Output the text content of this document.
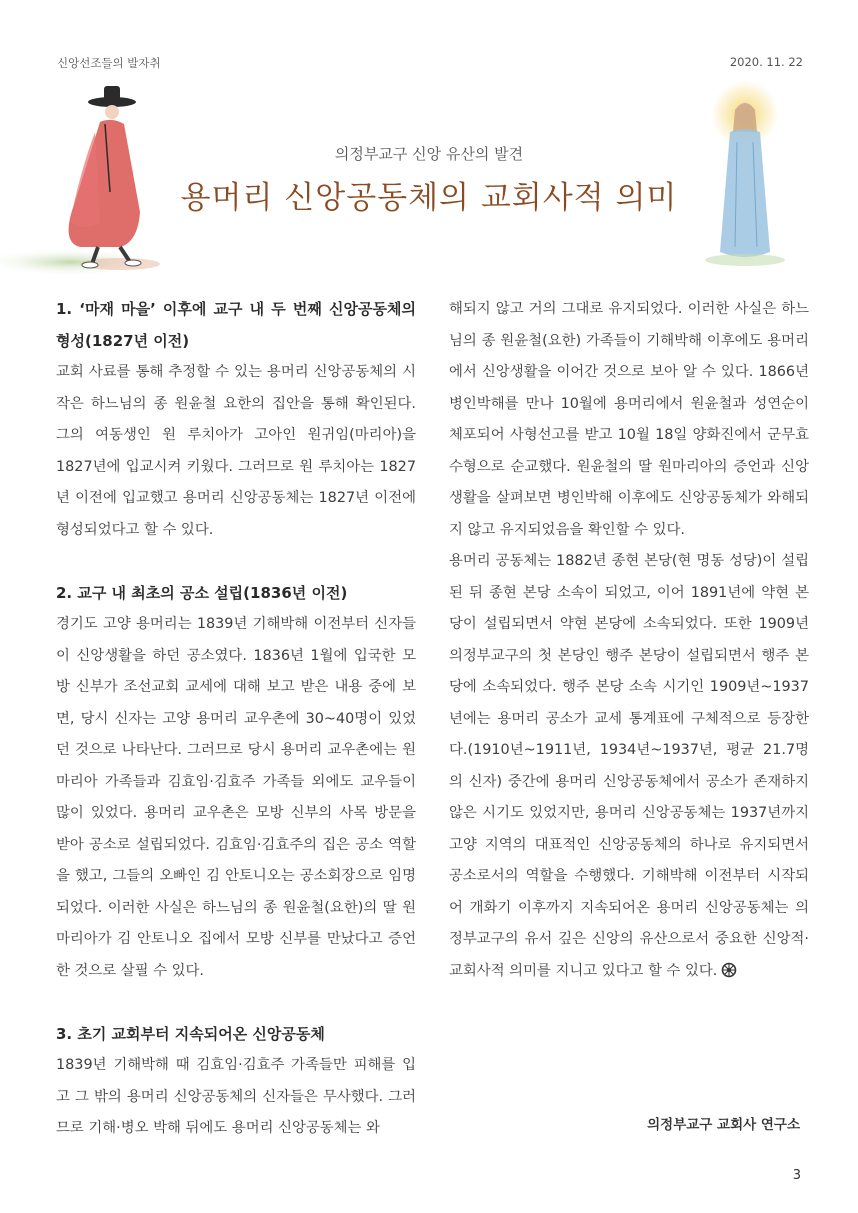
신앙선조들의 발자취	2020. 11. 22
의정부교구 신앙 유산의 발견
용머리 신앙공동체의 교회사적 의미

1. ‘마재 마을’ 이후에 교구 내 두 번째 신앙공동체의 형성(1827년 이전)

교회 사료를 통해 추정할 수 있는 용머리 신앙공동체의 시작은 하느님의 종 원윤철 요한의 집안을 통해 확인된다. 그의 여동생인 원 루치아가 고아인 원귀임(마리아)을 1827년에 입교시켜 키웠다. 그러므로 원 루치아는 1827년 이전에 입교했고 용머리 신앙공동체는 1827년 이전에 형성되었다고 할 수 있다.

2. 교구 내 최초의 공소 설립(1836년 이전)

경기도 고양 용머리는 1839년 기해박해 이전부터 신자들이 신앙생활을 하던 공소였다. 1836년 1월에 입국한 모방 신부가 조선교회 교세에 대해 보고 받은 내용 중에 보면, 당시 신자는 고양 용머리 교우촌에 30~40명이 있었던 것으로 나타난다. 그러므로 당시 용머리 교우촌에는 원 마리아 가족들과 김효임·김효주 가족들 외에도 교우들이 많이 있었다. 용머리 교우촌은 모방 신부의 사목 방문을 받아 공소로 설립되었다. 김효임·김효주의 집은 공소 역할을 했고, 그들의 오빠인 김 안토니오는 공소회장으로 임명되었다. 이러한 사실은 하느님의 종 원윤철(요한)의 딸 원 마리아가 김 안토니오 집에서 모방 신부를 만났다고 증언한 것으로 살필 수 있다.

3. 초기 교회부터 지속되어온 신앙공동체

1839년 기해박해 때 김효임·김효주 가족들만 피해를 입고 그 밖의 용머리 신앙공동체의 신자들은 무사했다. 그러므로 기해·병오 박해 뒤에도 용머리 신앙공동체는 와

해되지 않고 거의 그대로 유지되었다. 이러한 사실은 하느님의 종 원윤철(요한) 가족들이 기해박해 이후에도 용머리에서 신앙생활을 이어간 것으로 보아 알 수 있다. 1866년 병인박해를 만나 10월에 용머리에서 원윤철과 성연순이 체포되어 사형선고를 받고 10월 18일 양화진에서 군무효수형으로 순교했다. 원윤철의 딸 원마리아의 증언과 신앙생활을 살펴보면 병인박해 이후에도 신앙공동체가 와해되지 않고 유지되었음을 확인할 수 있다.

용머리 공동체는 1882년 종현 본당(현 명동 성당)이 설립된 뒤 종현 본당 소속이 되었고, 이어 1891년에 약현 본당이 설립되면서 약현 본당에 소속되었다. 또한 1909년 의정부교구의 첫 본당인 행주 본당이 설립되면서 행주 본당에 소속되었다. 행주 본당 소속 시기인 1909년~1937년에는 용머리 공소가 교세 통계표에 구체적으로 등장한다.(1910년~1911년, 1934년~1937년, 평균 21.7명의 신자) 중간에 용머리 신앙공동체에서 공소가 존재하지 않은 시기도 있었지만, 용머리 신앙공동체는 1937년까지 고양 지역의 대표적인 신앙공동체의 하나로 유지되면서 공소로서의 역할을 수행했다. 기해박해 이전부터 시작되어 개화기 이후까지 지속되어온 용머리 신앙공동체는 의정부교구의 유서 깊은 신앙의 유산으로서 중요한 신앙적·교회사적 의미를 지니고 있다고 할 수 있다.

의정부교구 교회사 연구소
3
